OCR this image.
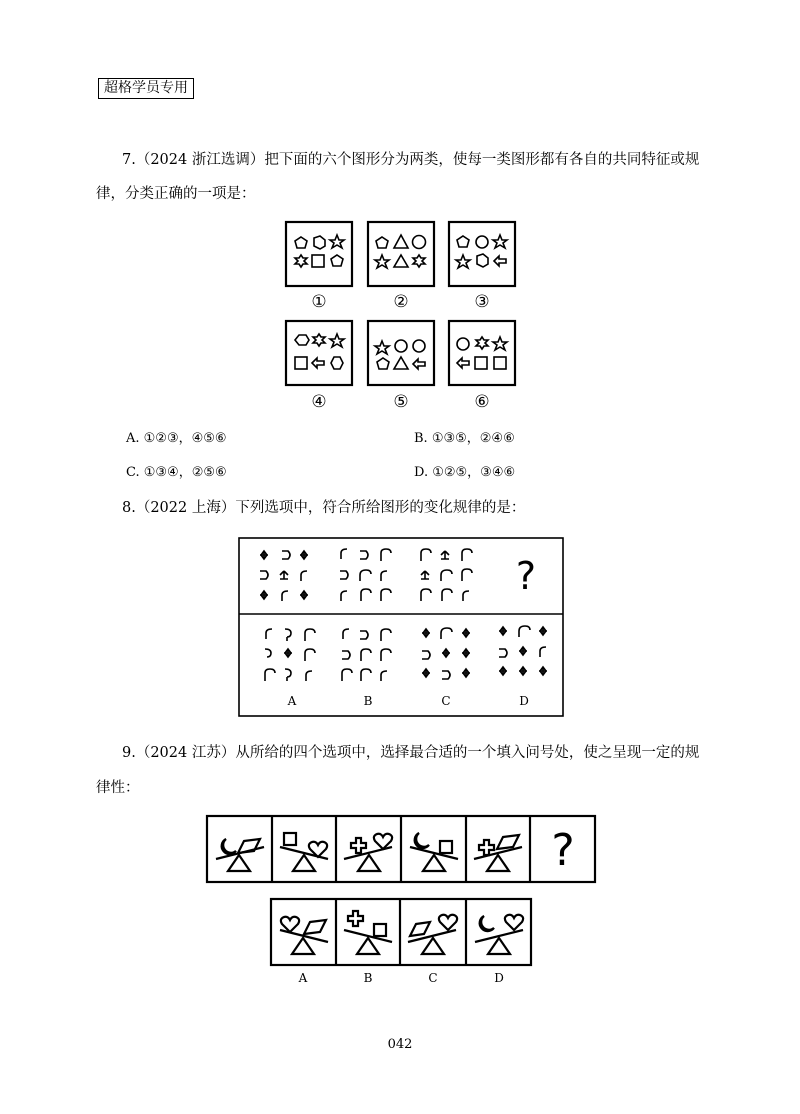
超格学员专用
7.（2024 浙江选调）把下面的六个图形分为两类，使每一类图形都有各自的共同特征或规
律，分类正确的一项是：
①	②	③
④	⑤	⑥
A. ①②③，④⑤⑥	B. ①③⑤，②④⑥
C. ①③④，②⑤⑥	D. ①②⑤，③④⑥
8.（2022 上海）下列选项中，符合所给图形的变化规律的是：
?
A	B	C	D
9.（2024 江苏）从所给的四个选项中，选择最合适的一个填入问号处，使之呈现一定的规
律性：
?
A	B	C	D
042
